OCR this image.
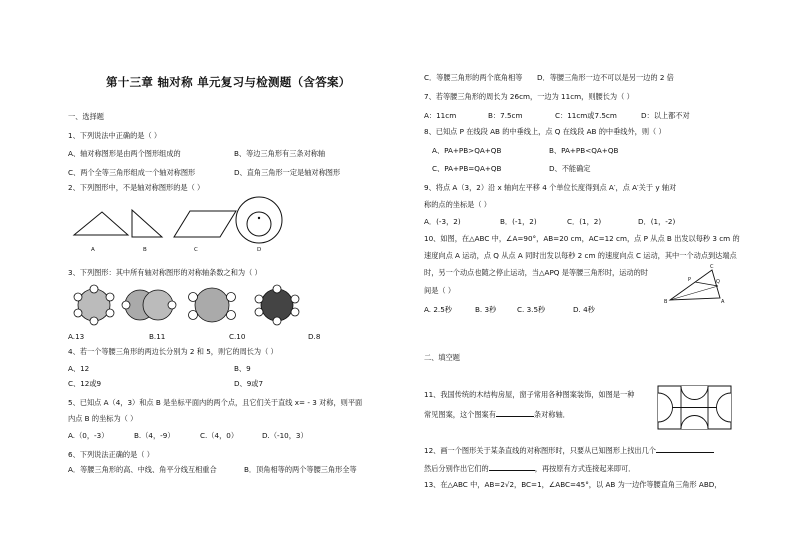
第十三章 轴对称 单元复习与检测题（含答案）
一、选择题
1、下列说法中正确的是（ ）
A、轴对称图形是由两个图形组成的	B、等边三角形有三条对称轴
C、两个全等三角形组成一个轴对称图形	D、直角三角形一定是轴对称图形
2、下列图形中，不是轴对称图形的是（ ）
A	B	C	D
3、下列图形：其中所有轴对称图形的对称轴条数之和为（ ）
A.13	B.11	C.10	D.8
4、若一个等腰三角形的两边长分别为 2 和 5，则它的周长为（ ）
A、12	B、9
C、12或9	D、9或7
5、已知点 A（4，3）和点 B 是坐标平面内的两个点，且它们关于直线 x= - 3 对称，则平面
内点 B 的坐标为（ ）
A.（0，-3）	B.（4，-9）	C.（4，0）	D.（-10，3）
6、下列说法正确的是（ ）
A．等腰三角形的高、中线、角平分线互相重合	B．顶角相等的两个等腰三角形全等
C．等腰三角形的两个底角相等 D．等腰三角形一边不可以是另一边的 2 倍
7、若等腰三角形的周长为 26cm，一边为 11cm，则腰长为（ ）
A：11cm	B：7.5cm	C：11cm或7.5cm	D：以上都不对
8、已知点 P 在线段 AB 的中垂线上，点 Q 在线段 AB 的中垂线外，则（ ）
A、PA+PB>QA+QB	B、PA+PB<QA+QB
C、PA+PB=QA+QB	D、不能确定
9、将点 A（3，2）沿 x 轴向左平移 4 个单位长度得到点 A′，点 A′关于 y 轴对
称的点的坐标是（ ）
A．(-3，2)	B．(-1，2)	C．(1，2)	D．(1，-2)
10、如图，在△ABC 中，∠A=90°，AB=20 cm，AC=12 cm，点 P 从点 B 出发以每秒 3 cm 的
速度向点 A 运动，点 Q 从点 A 同时出发以每秒 2 cm 的速度向点 C 运动，其中一个动点到达端点
时，另一个动点也随之停止运动，当△APQ 是等腰三角形时，运动的时
间是（ ）
C
Q
P
A
B
A. 2.5秒	B. 3秒	C. 3.5秒	D. 4秒
二、填空题
11、我国传统的木结构房屋，窗子常用各种图案装饰，如图是一种
常见图案，这个图案有	条对称轴．
12、画一个图形关于某条直线的对称图形时，只要从已知图形上找出几个
然后分别作出它们的	，再按原有方式连接起来即可．
13、在△ABC 中，AB=2√2，BC=1，∠ABC=45°，以 AB 为一边作等腰直角三角形 ABD，
